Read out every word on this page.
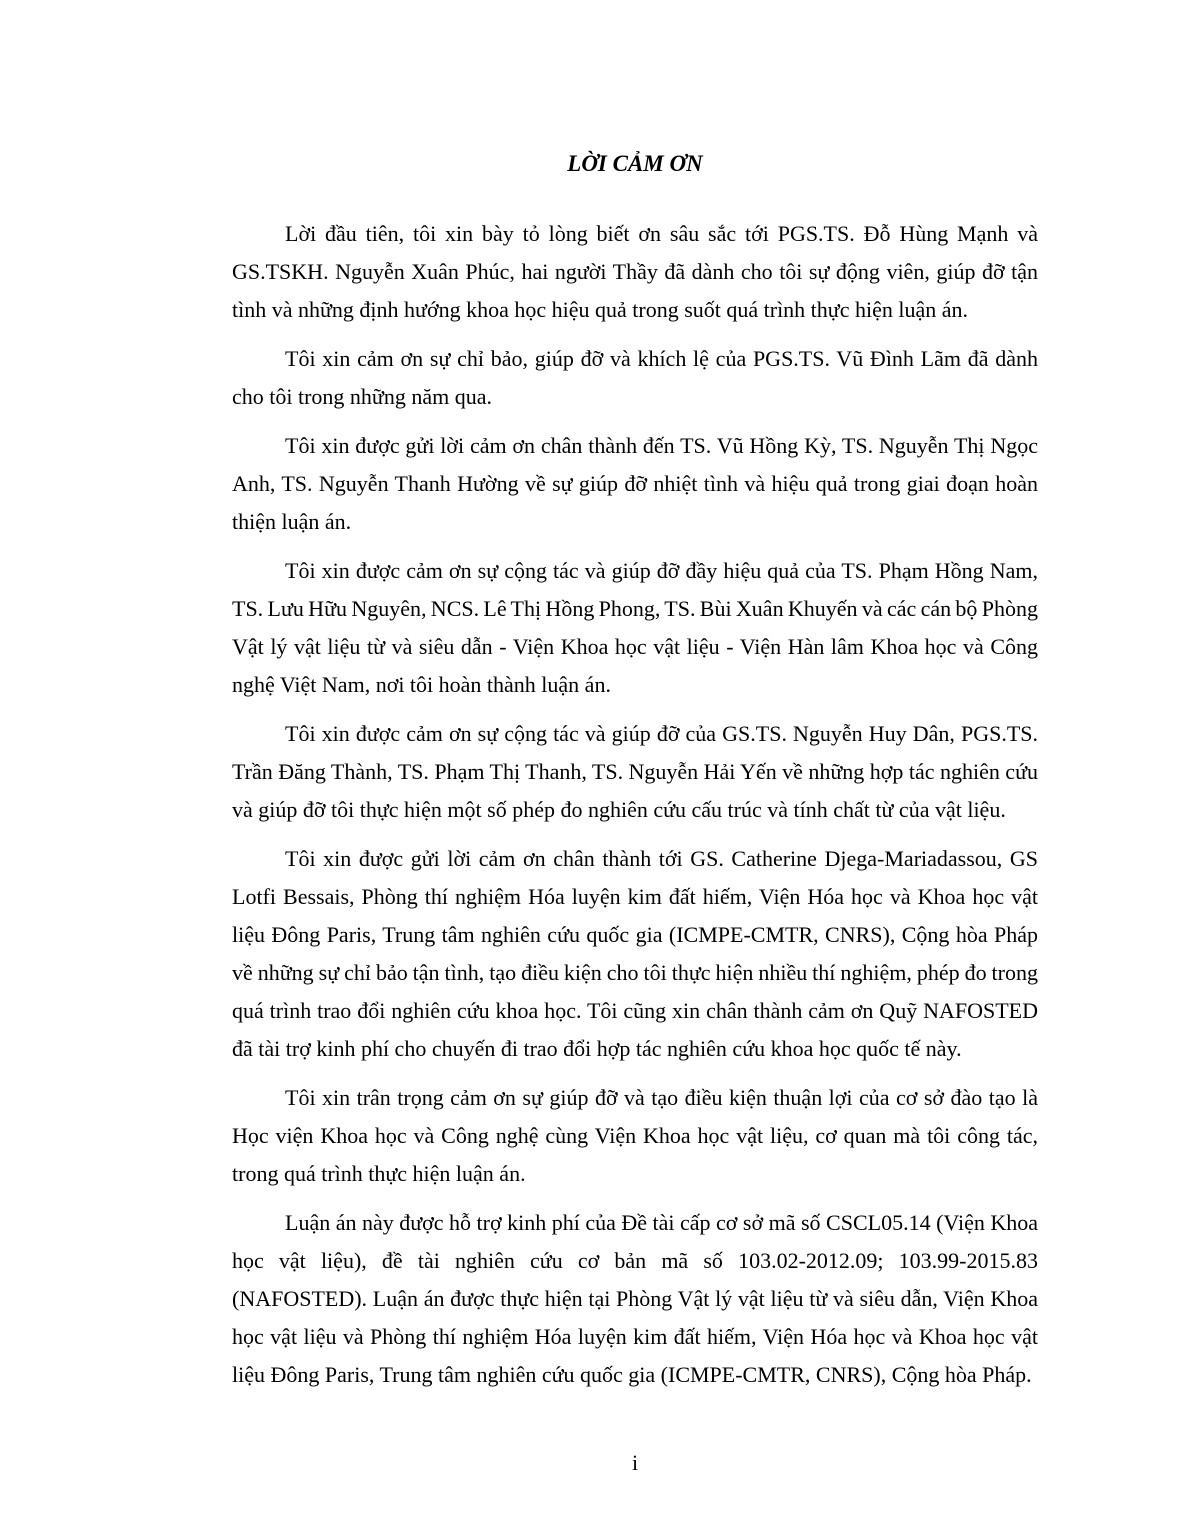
LỜI CẢM ƠN
Lời đầu tiên, tôi xin bày tỏ lòng biết ơn sâu sắc tới PGS.TS. Đỗ Hùng Mạnh và
GS.TSKH. Nguyễn Xuân Phúc, hai người Thầy đã dành cho tôi sự động viên, giúp đỡ tận
tình và những định hướng khoa học hiệu quả trong suốt quá trình thực hiện luận án.
Tôi xin cảm ơn sự chỉ bảo, giúp đỡ và khích lệ của PGS.TS. Vũ Đình Lãm đã dành
cho tôi trong những năm qua.
Tôi xin được gửi lời cảm ơn chân thành đến TS. Vũ Hồng Kỳ, TS. Nguyễn Thị Ngọc
Anh, TS. Nguyễn Thanh Hường về sự giúp đỡ nhiệt tình và hiệu quả trong giai đoạn hoàn
thiện luận án.
Tôi xin được cảm ơn sự cộng tác và giúp đỡ đầy hiệu quả của TS. Phạm Hồng Nam,
TS. Lưu Hữu Nguyên, NCS. Lê Thị Hồng Phong, TS. Bùi Xuân Khuyến và các cán bộ Phòng
Vật lý vật liệu từ và siêu dẫn - Viện Khoa học vật liệu - Viện Hàn lâm Khoa học và Công
nghệ Việt Nam, nơi tôi hoàn thành luận án.
Tôi xin được cảm ơn sự cộng tác và giúp đỡ của GS.TS. Nguyễn Huy Dân, PGS.TS.
Trần Đăng Thành, TS. Phạm Thị Thanh, TS. Nguyễn Hải Yến về những hợp tác nghiên cứu
và giúp đỡ tôi thực hiện một số phép đo nghiên cứu cấu trúc và tính chất từ của vật liệu.
Tôi xin được gửi lời cảm ơn chân thành tới GS. Catherine Djega-Mariadassou, GS
Lotfi Bessais, Phòng thí nghiệm Hóa luyện kim đất hiếm, Viện Hóa học và Khoa học vật
liệu Đông Paris, Trung tâm nghiên cứu quốc gia (ICMPE-CMTR, CNRS), Cộng hòa Pháp
về những sự chỉ bảo tận tình, tạo điều kiện cho tôi thực hiện nhiều thí nghiệm, phép đo trong
quá trình trao đổi nghiên cứu khoa học. Tôi cũng xin chân thành cảm ơn Quỹ NAFOSTED
đã tài trợ kinh phí cho chuyến đi trao đổi hợp tác nghiên cứu khoa học quốc tế này.
Tôi xin trân trọng cảm ơn sự giúp đỡ và tạo điều kiện thuận lợi của cơ sở đào tạo là
Học viện Khoa học và Công nghệ cùng Viện Khoa học vật liệu, cơ quan mà tôi công tác,
trong quá trình thực hiện luận án.
Luận án này được hỗ trợ kinh phí của Đề tài cấp cơ sở mã số CSCL05.14 (Viện Khoa
học vật liệu), đề tài nghiên cứu cơ bản mã số 103.02-2012.09; 103.99-2015.83
(NAFOSTED). Luận án được thực hiện tại Phòng Vật lý vật liệu từ và siêu dẫn, Viện Khoa
học vật liệu và Phòng thí nghiệm Hóa luyện kim đất hiếm, Viện Hóa học và Khoa học vật
liệu Đông Paris, Trung tâm nghiên cứu quốc gia (ICMPE-CMTR, CNRS), Cộng hòa Pháp.
i
